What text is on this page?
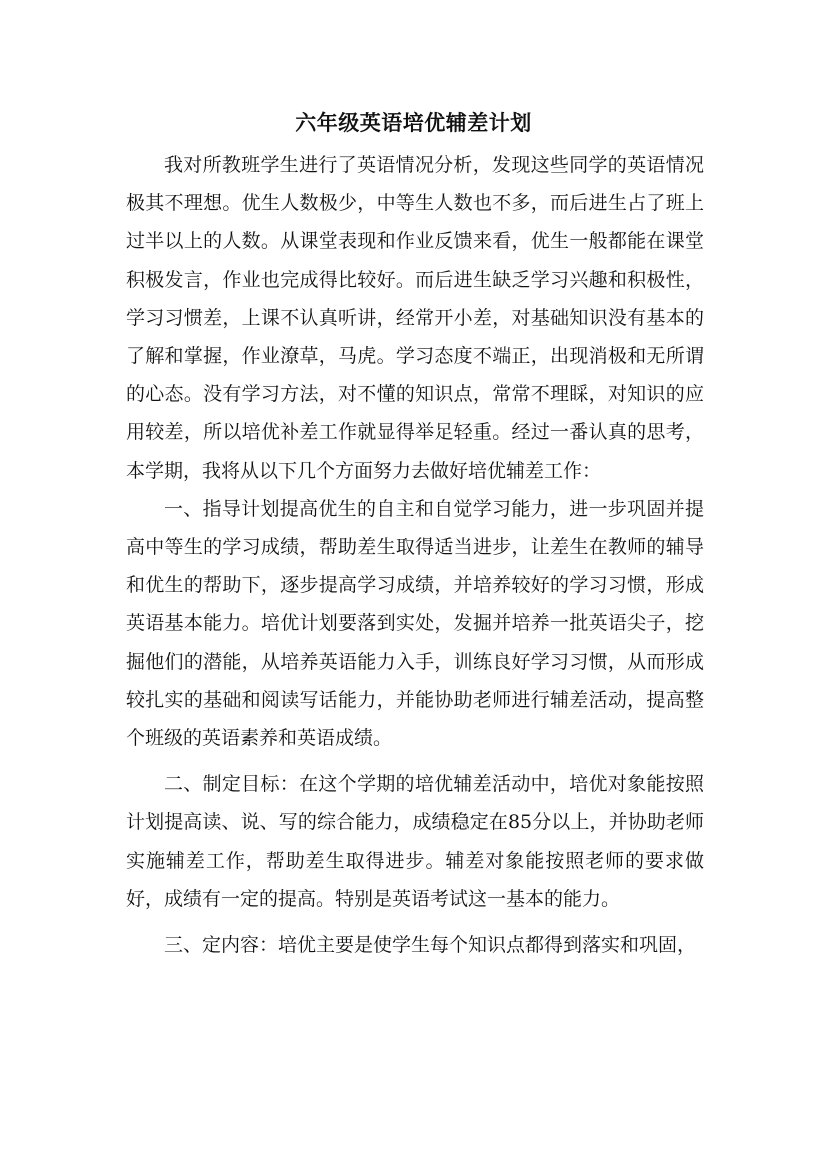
六年级英语培优辅差计划

我对所教班学生进行了英语情况分析，发现这些同学的英语情况极其不理想。优生人数极少，中等生人数也不多，而后进生占了班上过半以上的人数。从课堂表现和作业反馈来看，优生一般都能在课堂积极发言，作业也完成得比较好。而后进生缺乏学习兴趣和积极性，学习习惯差，上课不认真听讲，经常开小差，对基础知识没有基本的了解和掌握，作业潦草，马虎。学习态度不端正，出现消极和无所谓的心态。没有学习方法，对不懂的知识点，常常不理睬，对知识的应用较差，所以培优补差工作就显得举足轻重。经过一番认真的思考，本学期，我将从以下几个方面努力去做好培优辅差工作：

一、指导计划提高优生的自主和自觉学习能力，进一步巩固并提高中等生的学习成绩，帮助差生取得适当进步，让差生在教师的辅导和优生的帮助下，逐步提高学习成绩，并培养较好的学习习惯，形成英语基本能力。培优计划要落到实处，发掘并培养一批英语尖子，挖掘他们的潜能，从培养英语能力入手，训练良好学习习惯，从而形成较扎实的基础和阅读写话能力，并能协助老师进行辅差活动，提高整个班级的英语素养和英语成绩。

二、制定目标：在这个学期的培优辅差活动中，培优对象能按照计划提高读、说、写的综合能力，成绩稳定在85分以上，并协助老师实施辅差工作，帮助差生取得进步。辅差对象能按照老师的要求做好，成绩有一定的提高。特别是英语考试这一基本的能力。

三、定内容：培优主要是使学生每个知识点都得到落实和巩固，
